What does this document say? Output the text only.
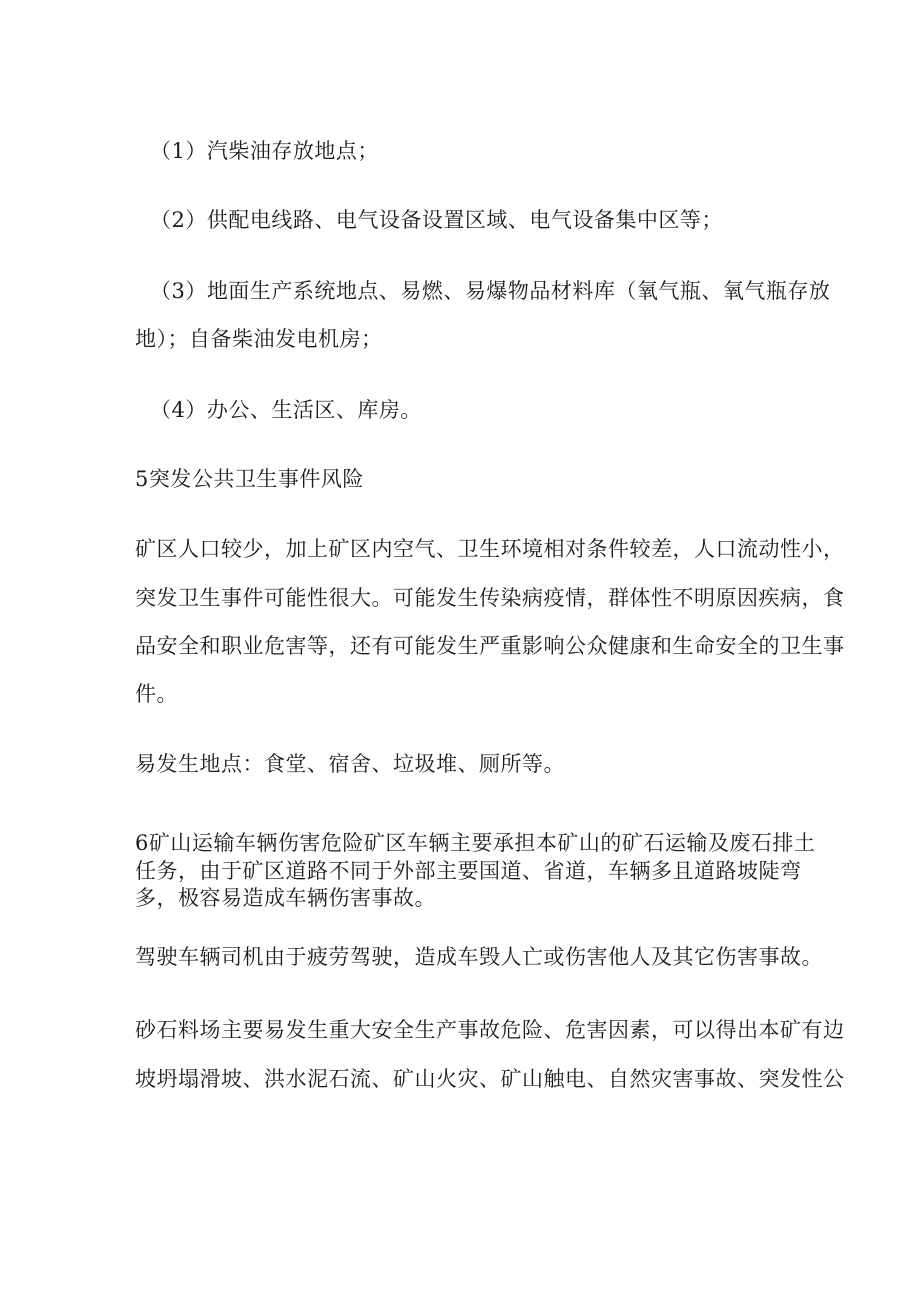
（1）汽柴油存放地点；
（2）供配电线路、电气设备设置区域、电气设备集中区等；
（3）地面生产系统地点、易燃、易爆物品材料库（氧气瓶、氧气瓶存放
地）；自备柴油发电机房；
（4）办公、生活区、库房。
5突发公共卫生事件风险
矿区人口较少，加上矿区内空气、卫生环境相对条件较差，人口流动性小，
突发卫生事件可能性很大。可能发生传染病疫情，群体性不明原因疾病，食
品安全和职业危害等，还有可能发生严重影响公众健康和生命安全的卫生事
件。
易发生地点：食堂、宿舍、垃圾堆、厕所等。
6矿山运输车辆伤害危险矿区车辆主要承担本矿山的矿石运输及废石排土
任务，由于矿区道路不同于外部主要国道、省道，车辆多且道路坡陡弯
多，极容易造成车辆伤害事故。
驾驶车辆司机由于疲劳驾驶，造成车毁人亡或伤害他人及其它伤害事故。
砂石料场主要易发生重大安全生产事故危险、危害因素，可以得出本矿有边
坡坍塌滑坡、洪水泥石流、矿山火灾、矿山触电、自然灾害事故、突发性公
